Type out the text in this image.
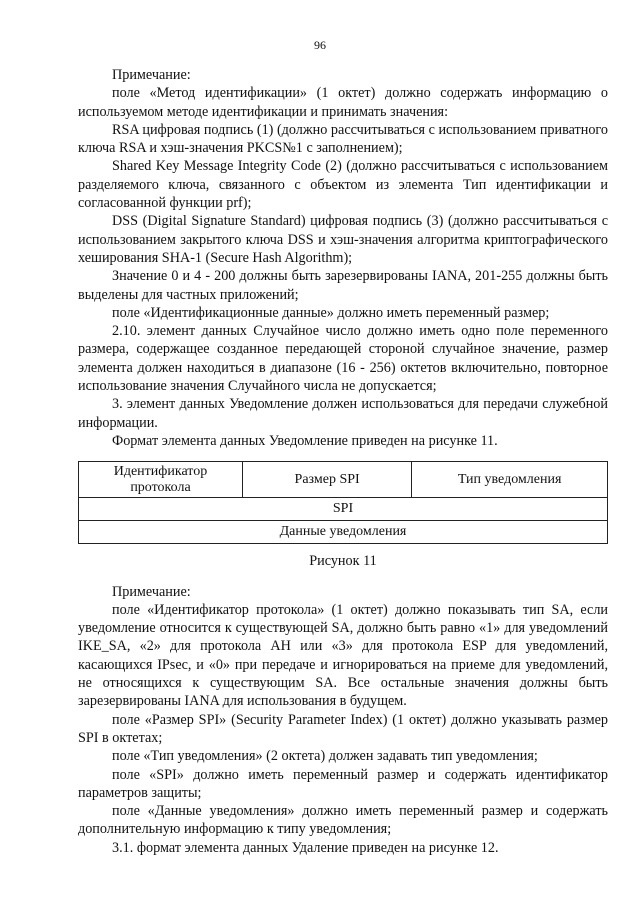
96

Примечание:

поле «Метод идентификации» (1 октет) должно содержать информацию о используемом методе идентификации и принимать значения:

RSA цифровая подпись (1) (должно рассчитываться с использованием приватного ключа RSA и хэш-значения PKCS№1 с заполнением);

Shared Key Message Integrity Code (2) (должно рассчитываться с использованием разделяемого ключа, связанного с объектом из элемента Тип идентификации и согласованной функции prf);

DSS (Digital Signature Standard) цифровая подпись (3) (должно рассчитываться с использованием закрытого ключа DSS и хэш-значения алгоритма криптографического хеширования SHA-1 (Secure Hash Algorithm);

Значение 0 и 4 - 200 должны быть зарезервированы IANA, 201-255 должны быть выделены для частных приложений;

поле «Идентификационные данные» должно иметь переменный размер;

2.10. элемент данных Случайное число должно иметь одно поле переменного размера, содержащее созданное передающей стороной случайное значение, размер элемента должен находиться в диапазоне (16 - 256) октетов включительно, повторное использование значения Случайного числа не допускается;

3. элемент данных Уведомление должен использоваться для передачи служебной информации.

Формат элемента данных Уведомление приведен на рисунке 11.

Идентификатор протокола	Размер SPI	Тип уведомления
SPI
Данные уведомления

Рисунок 11

Примечание:

поле «Идентификатор протокола» (1 октет) должно показывать тип SA, если уведомление относится к существующей SA, должно быть равно «1» для уведомлений IKE_SA, «2» для протокола AH или «3» для протокола ESP для уведомлений, касающихся IPsec, и «0» при передаче и игнорироваться на приеме для уведомлений, не относящихся к существующим SA. Все остальные значения должны быть зарезервированы IANA для использования в будущем.

поле «Размер SPI» (Security Parameter Index) (1 октет) должно указывать размер SPI в октетах;

поле «Тип уведомления» (2 октета) должен задавать тип уведомления;

поле «SPI» должно иметь переменный размер и содержать идентификатор параметров защиты;

поле «Данные уведомления» должно иметь переменный размер и содержать дополнительную информацию к типу уведомления;

3.1. формат элемента данных Удаление приведен на рисунке 12.
